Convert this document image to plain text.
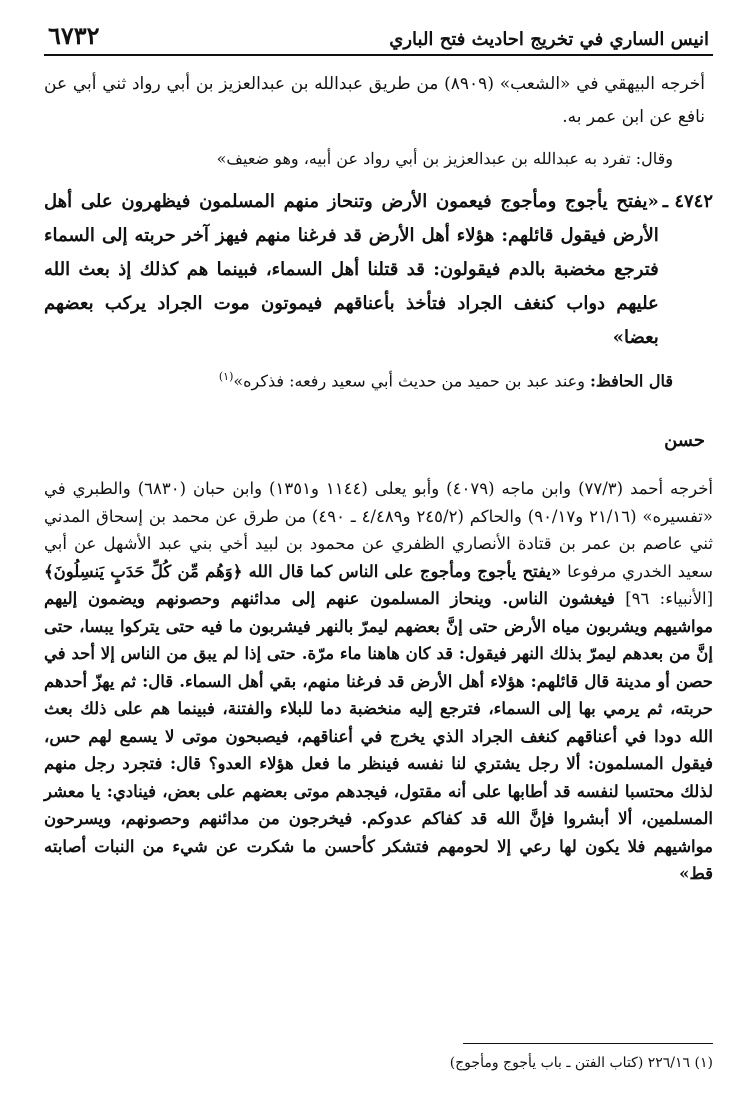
انيس الساري في تخريج احاديث فتح الباري
٦٧٣٢

أخرجه البيهقي في «الشعب» (٨٩٠٩) من طريق عبدالله بن عبدالعزيز بن أبي رواد ثني أبي عن نافع عن ابن عمر به.

وقال: تفرد به عبدالله بن عبدالعزيز بن أبي رواد عن أبيه، وهو ضعيف»

٤٧٤٢ ـ

«يفتح يأجوج ومأجوج فيعمون الأرض وتنحاز منهم المسلمون فيظهرون على أهل الأرض فيقول قائلهم: هؤلاء أهل الأرض قد فرغنا منهم فيهز آخر حربته إلى السماء فترجع مخضبة بالدم فيقولون: قد قتلنا أهل السماء، فبينما هم كذلك إذ بعث الله عليهم دواب كنغف الجراد فتأخذ بأعناقهم فيموتون موت الجراد يركب بعضهم بعضا»

قال الحافظ: وعند عبد بن حميد من حديث أبي سعيد رفعه: فذكره»$^{(١)}$

حسن

أخرجه أحمد (٧٧/٣) وابن ماجه (٤٠٧٩) وأبو يعلى (١١٤٤ و١٣٥١) وابن حبان (٦٨٣٠) والطبري في «تفسيره» (٢١/١٦ و٩٠/١٧) والحاكم (٢٤٥/٢ و٤/٤٨٩ ـ ٤٩٠) من طرق عن محمد بن إسحاق المدني ثني عاصم بن عمر بن قتادة الأنصاري الظفري عن محمود بن لبيد أخي بني عبد الأشهل عن أبي سعيد الخدري مرفوعا «يفتح يأجوج ومأجوج على الناس كما قال الله ﴿وَهُم مِّن كُلِّ حَدَبٍ يَنسِلُونَ﴾ [الأنبياء: ٩٦] فيغشون الناس. وينحاز المسلمون عنهم إلى مدائنهم وحصونهم ويضمون إليهم مواشيهم ويشربون مياه الأرض حتى إنَّ بعضهم ليمرّ بالنهر فيشربون ما فيه حتى يتركوا يبسا، حتى إنَّ من بعدهم ليمرّ بذلك النهر فيقول: قد كان هاهنا ماء مرّة. حتى إذا لم يبق من الناس إلا أحد في حصن أو مدينة قال قائلهم: هؤلاء أهل الأرض قد فرغنا منهم، بقي أهل السماء. قال: ثم يهزّ أحدهم حربته، ثم يرمي بها إلى السماء، فترجع إليه منخضبة دما للبلاء والفتنة، فبينما هم على ذلك بعث الله دودا في أعناقهم كنغف الجراد الذي يخرج في أعناقهم، فيصبحون موتى لا يسمع لهم حس، فيقول المسلمون: ألا رجل يشتري لنا نفسه فينظر ما فعل هؤلاء العدو؟ قال: فتجرد رجل منهم لذلك محتسبا لنفسه قد أطابها على أنه مقتول، فيجدهم موتى بعضهم على بعض، فينادي: يا معشر المسلمين، ألا أبشروا فإنَّ الله قد كفاكم عدوكم. فيخرجون من مدائنهم وحصونهم، ويسرحون مواشيهم فلا يكون لها رعي إلا لحومهم فتشكر كأحسن ما شكرت عن شيء من النبات أصابته قط»

(١) ٢٢٦/١٦ (كتاب الفتن ـ باب يأجوج ومأجوج)
